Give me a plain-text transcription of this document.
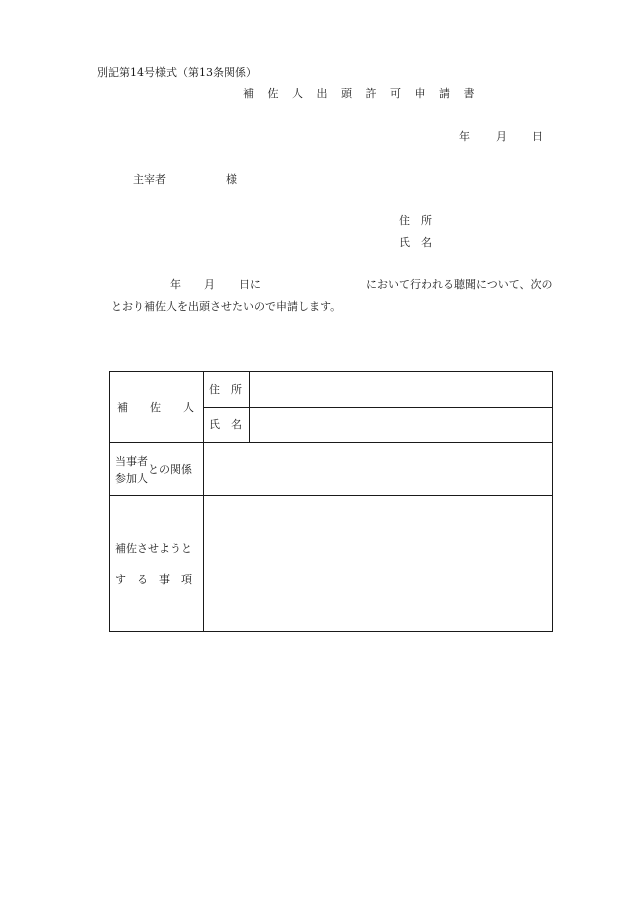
別記第14号様式（第13条関係）
補 佐 人 出 頭 許 可 申 請 書
年 月 日
主宰者	様
住　所
氏　名
年 月 日に	において行われる聴聞について、次の
とおり補佐人を出頭させたいので申請します。
補　　佐　　人
住　所
氏　名
当事者
参加人
との関係
補佐させようと
す　る　事　項
